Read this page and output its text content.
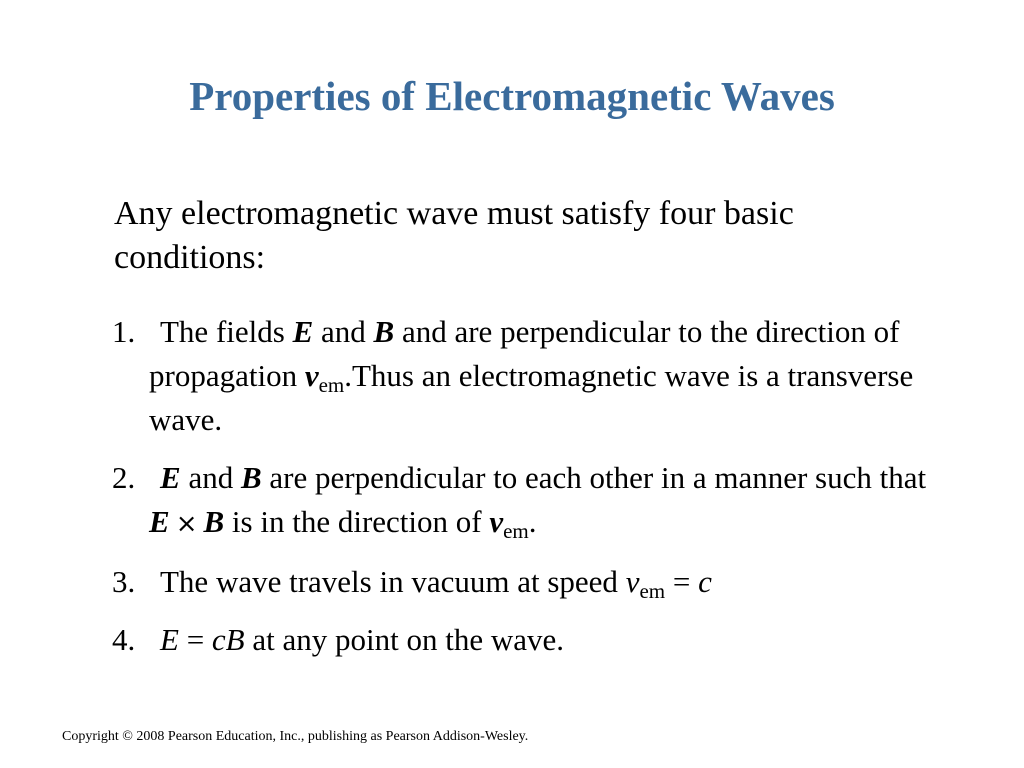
Properties of Electromagnetic Waves
Any electromagnetic wave must satisfy four basic conditions:
1. The fields E and B and are perpendicular to the direction of propagation $v_{em}.Thus$ an electromagnetic wave is a transverse wave.
2. E and B are perpendicular to each other in a manner such that E × B is in the direction of $v_{em}$.
3. The wave travels in vacuum at speed $v_{em} = c$
4. E = cB at any point on the wave.
Copyright © 2008 Pearson Education, Inc., publishing as Pearson Addison-Wesley.
